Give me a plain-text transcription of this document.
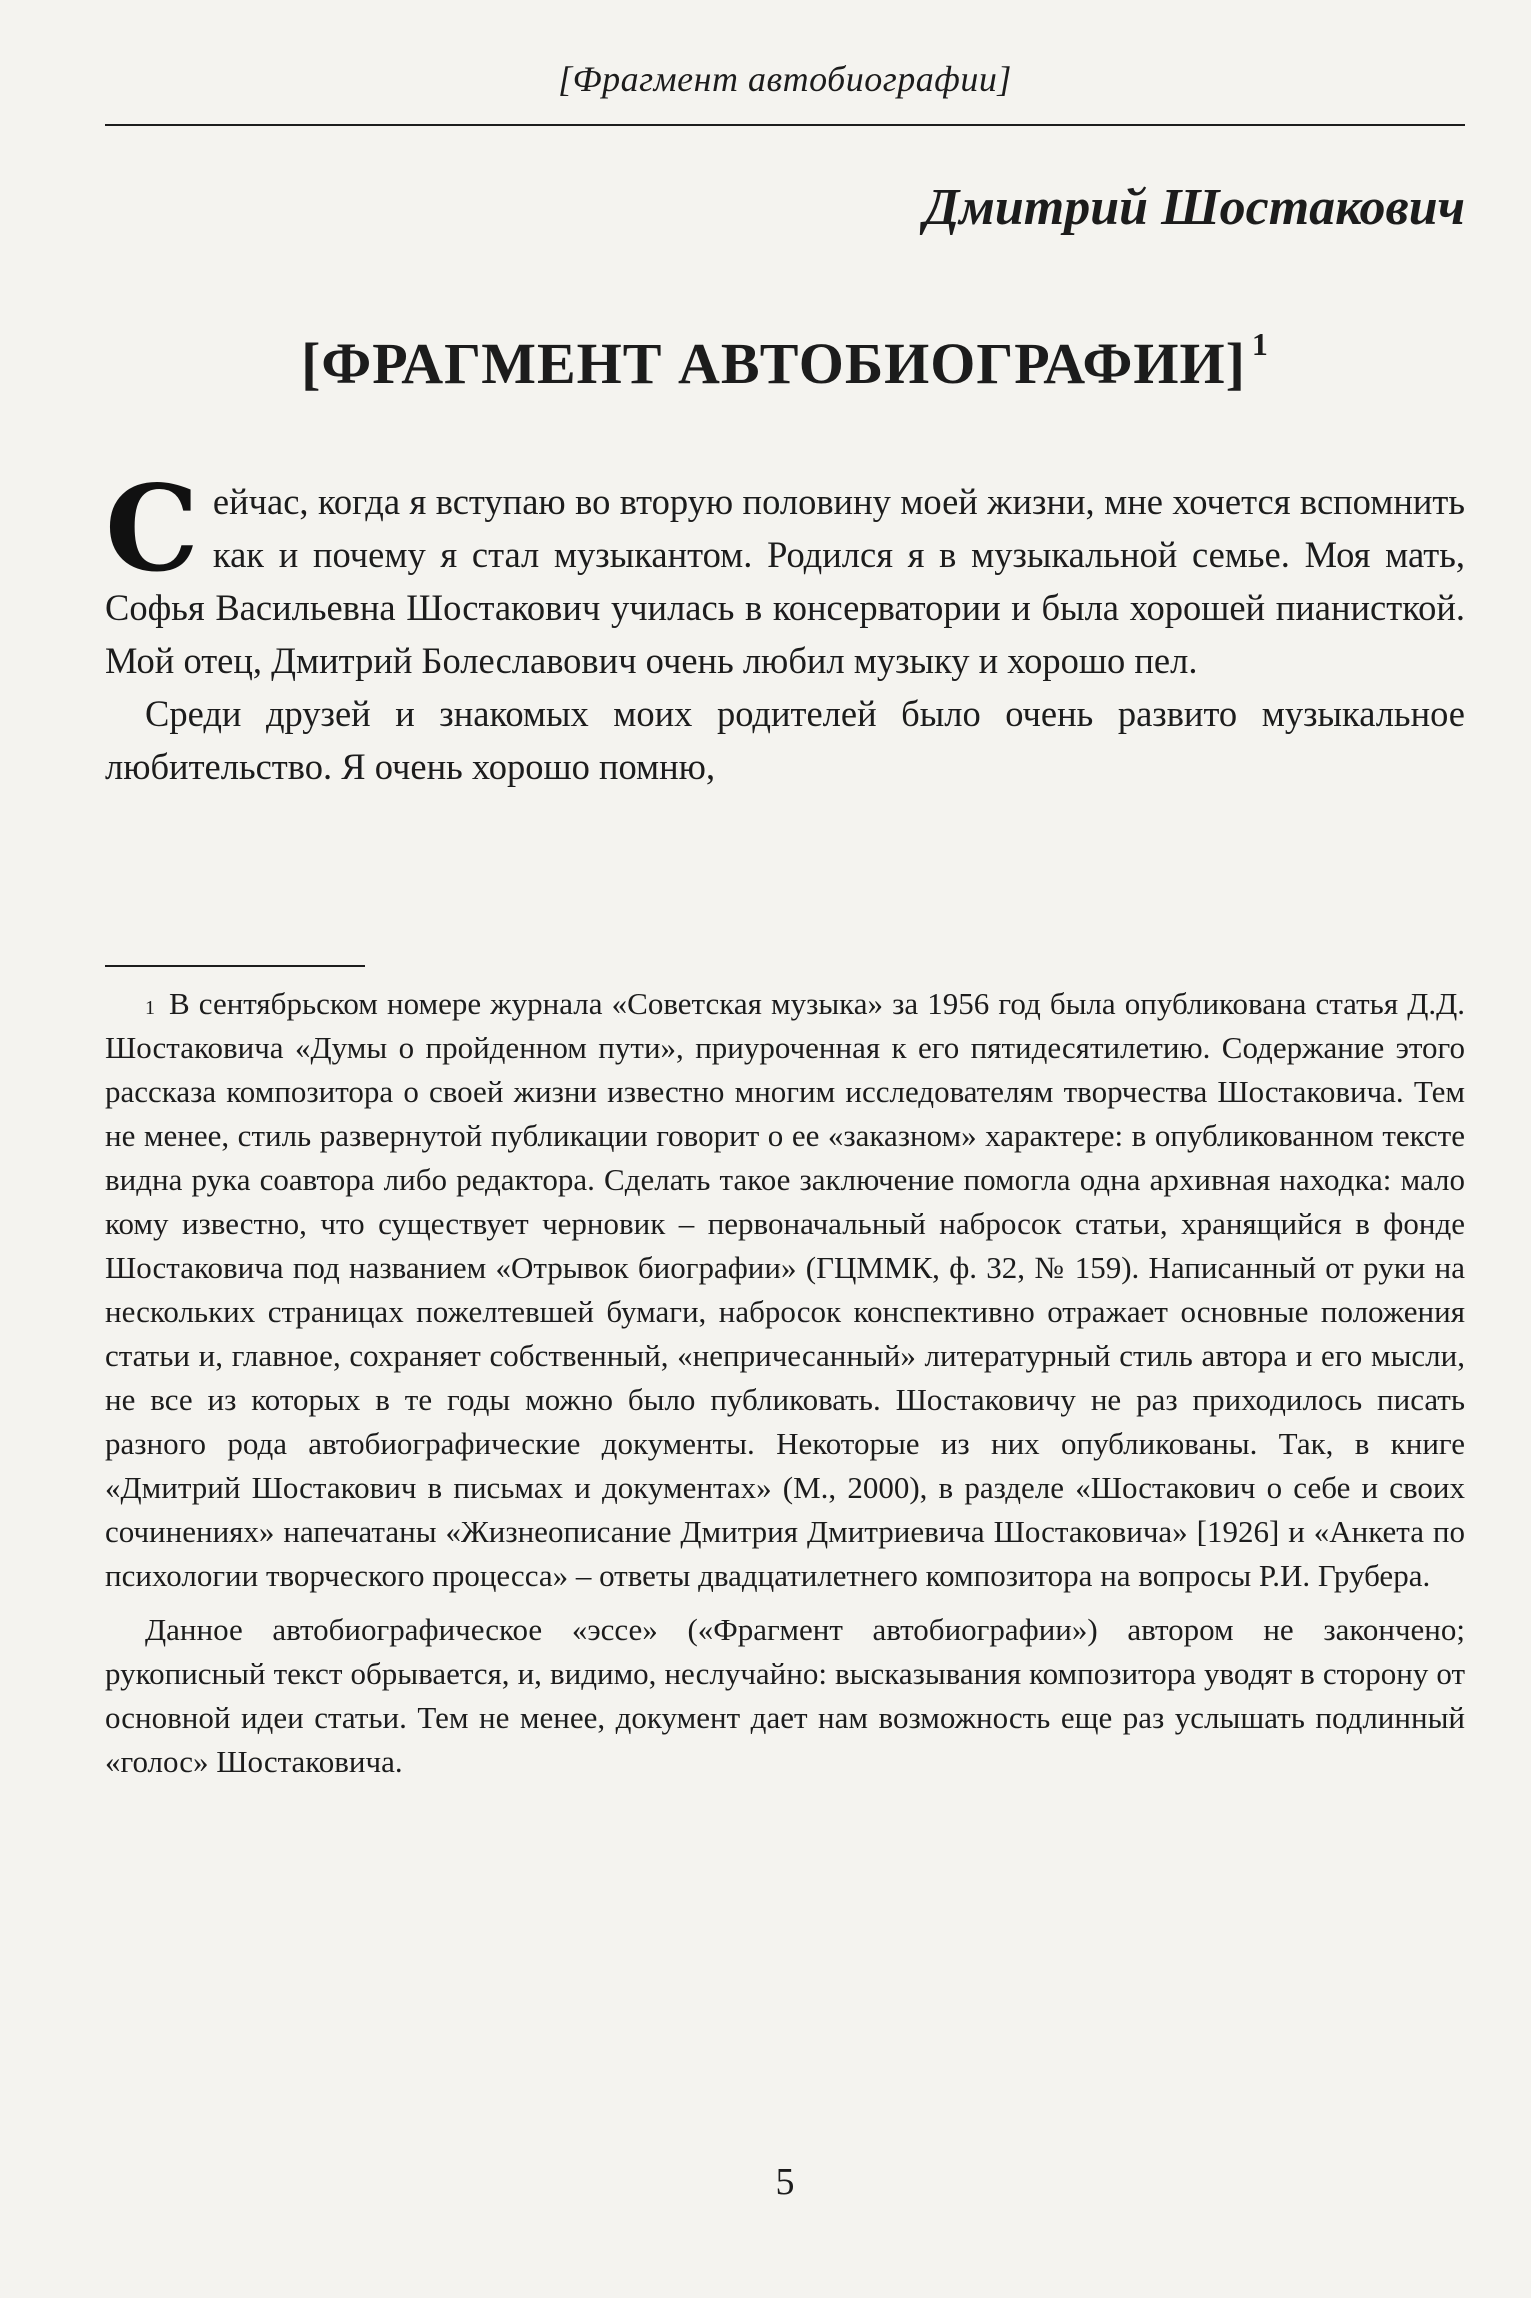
[Фрагмент автобиографии]
Дмитрий Шостакович
[ФРАГМЕНТ АВТОБИОГРАФИИ] $^1$

Сейчас, когда я вступаю во вторую половину моей жизни, мне хочется вспомнить как и почему я стал музыкантом. Родился я в музыкальной семье. Моя мать, Софья Васильевна Шостакович училась в консерватории и была хорошей пианисткой. Мой отец, Дмитрий Болеславович очень любил музыку и хорошо пел.

Среди друзей и знакомых моих родителей было очень развито музыкальное любительство. Я очень хорошо помню,

$^1$ В сентябрьском номере журнала «Советская музыка» за 1956 год была опубликована статья Д.Д. Шостаковича «Думы о пройденном пути», приуроченная к его пятидесятилетию. Содержание этого рассказа композитора о своей жизни известно многим исследователям творчества Шостаковича. Тем не менее, стиль развернутой публикации говорит о ее «заказном» характере: в опубликованном тексте видна рука соавтора либо редактора. Сделать такое заключение помогла одна архивная находка: мало кому известно, что существует черновик – первоначальный набросок статьи, хранящийся в фонде Шостаковича под названием «Отрывок биографии» (ГЦММК, ф. 32, № 159). Написанный от руки на нескольких страницах пожелтевшей бумаги, набросок конспективно отражает основные положения статьи и, главное, сохраняет собственный, «непричесанный» литературный стиль автора и его мысли, не все из которых в те годы можно было публиковать. Шостаковичу не раз приходилось писать разного рода автобиографические документы. Некоторые из них опубликованы. Так, в книге «Дмитрий Шостакович в письмах и документах» (М., 2000), в разделе «Шостакович о себе и своих сочинениях» напечатаны «Жизнеописание Дмитрия Дмитриевича Шостаковича» [1926] и «Анкета по психологии творческого процесса» – ответы двадцатилетнего композитора на вопросы Р.И. Грубера.

Данное автобиографическое «эссе» («Фрагмент автобиографии») автором не закончено; рукописный текст обрывается, и, видимо, неслучайно: высказывания композитора уводят в сторону от основной идеи статьи. Тем не менее, документ дает нам возможность еще раз услышать подлинный «голос» Шостаковича.

5
